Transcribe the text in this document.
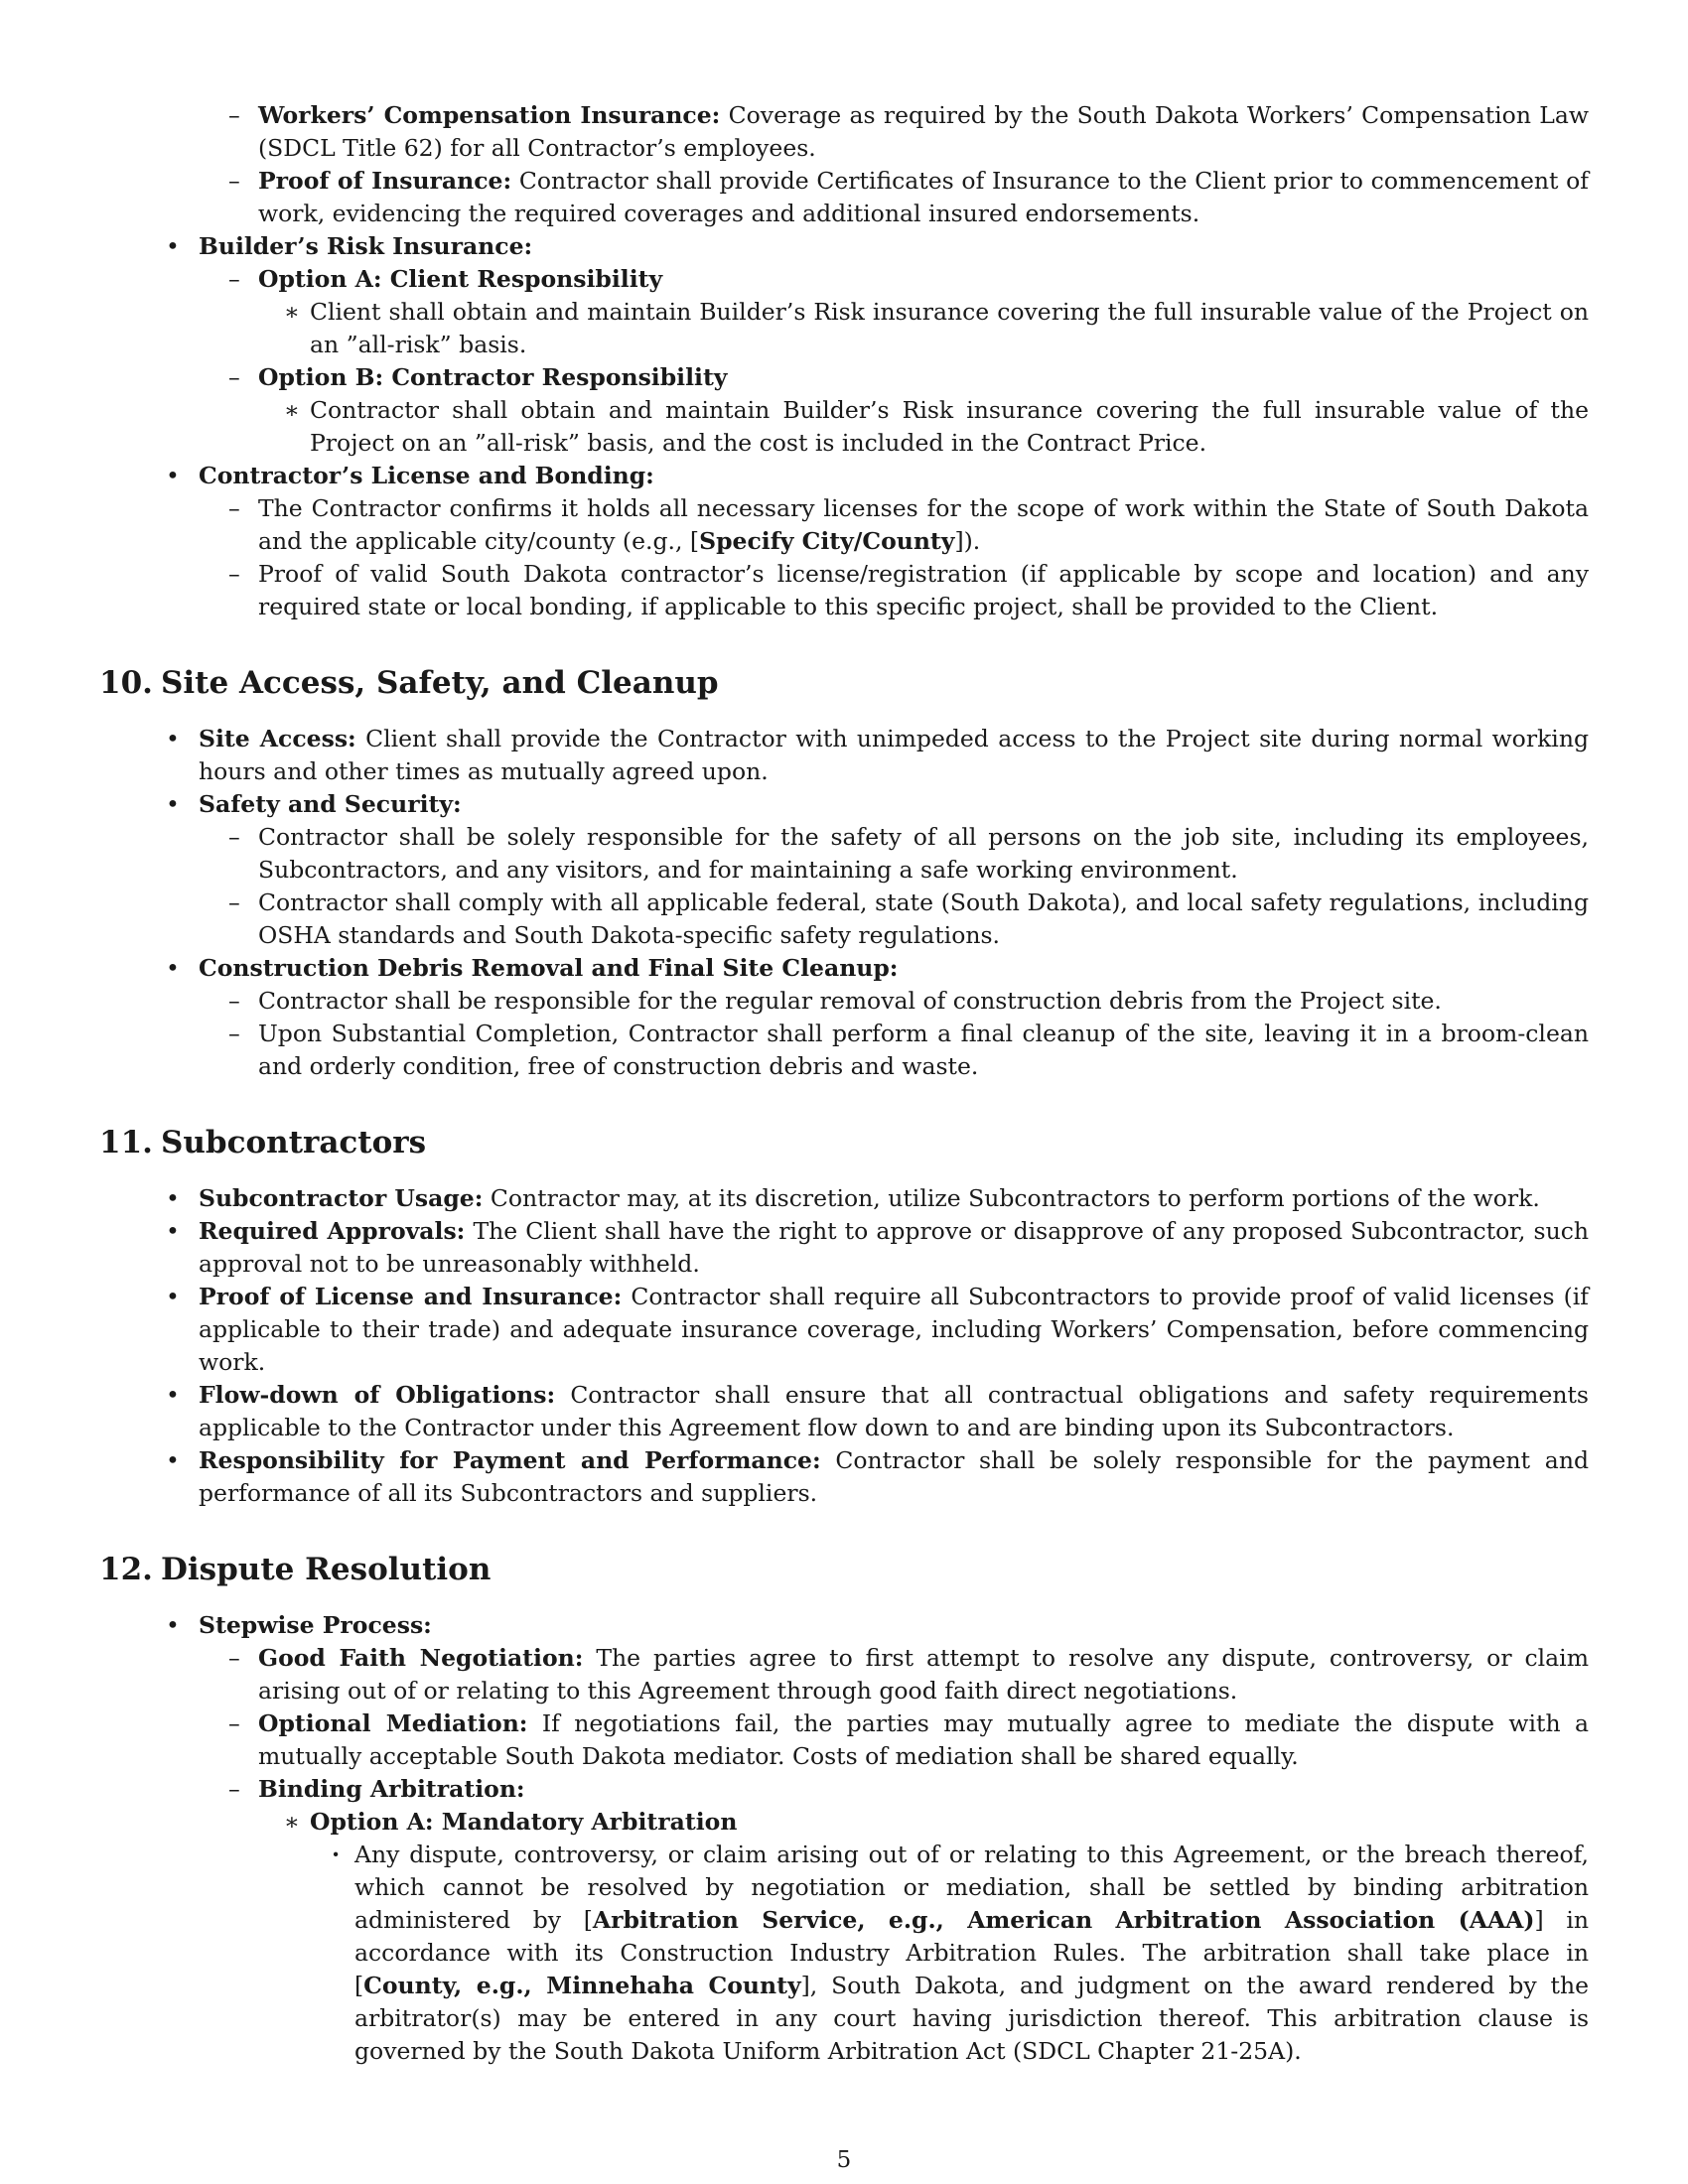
– Workers’ Compensation Insurance: Coverage as required by the South Dakota Workers’ Compensation Law (SDCL Title 62) for all Contractor’s employees.
– Proof of Insurance: Contractor shall provide Certificates of Insurance to the Client prior to commencement of work, evidencing the required coverages and additional insured endorsements.
• Builder’s Risk Insurance:
– Option A: Client Responsibility
∗ Client shall obtain and maintain Builder’s Risk insurance covering the full insurable value of the Project on an ”all-risk” basis.
– Option B: Contractor Responsibility
∗ Contractor shall obtain and maintain Builder’s Risk insurance covering the full insurable value of the Project on an ”all-risk” basis, and the cost is included in the Contract Price.
• Contractor’s License and Bonding:
– The Contractor confirms it holds all necessary licenses for the scope of work within the State of South Dakota and the applicable city/county (e.g., [Specify City/County]).
– Proof of valid South Dakota contractor’s license/registration (if applicable by scope and location) and any required state or local bonding, if applicable to this specific project, shall be provided to the Client.
10. Site Access, Safety, and Cleanup
• Site Access: Client shall provide the Contractor with unimpeded access to the Project site during normal working hours and other times as mutually agreed upon.
• Safety and Security:
– Contractor shall be solely responsible for the safety of all persons on the job site, including its employees, Subcontractors, and any visitors, and for maintaining a safe working environment.
– Contractor shall comply with all applicable federal, state (South Dakota), and local safety regulations, including OSHA standards and South Dakota-specific safety regulations.
• Construction Debris Removal and Final Site Cleanup:
– Contractor shall be responsible for the regular removal of construction debris from the Project site.
– Upon Substantial Completion, Contractor shall perform a final cleanup of the site, leaving it in a broom-clean and orderly condition, free of construction debris and waste.
11. Subcontractors
• Subcontractor Usage: Contractor may, at its discretion, utilize Subcontractors to perform portions of the work.
• Required Approvals: The Client shall have the right to approve or disapprove of any proposed Subcontractor, such approval not to be unreasonably withheld.
• Proof of License and Insurance: Contractor shall require all Subcontractors to provide proof of valid licenses (if applicable to their trade) and adequate insurance coverage, including Workers’ Compensation, before commencing work.
• Flow-down of Obligations: Contractor shall ensure that all contractual obligations and safety requirements applicable to the Contractor under this Agreement flow down to and are binding upon its Subcontractors.
• Responsibility for Payment and Performance: Contractor shall be solely responsible for the payment and performance of all its Subcontractors and suppliers.
12. Dispute Resolution
• Stepwise Process:
– Good Faith Negotiation: The parties agree to first attempt to resolve any dispute, controversy, or claim arising out of or relating to this Agreement through good faith direct negotiations.
– Optional Mediation: If negotiations fail, the parties may mutually agree to mediate the dispute with a mutually acceptable South Dakota mediator. Costs of mediation shall be shared equally.
– Binding Arbitration:
∗ Option A: Mandatory Arbitration
· Any dispute, controversy, or claim arising out of or relating to this Agreement, or the breach thereof, which cannot be resolved by negotiation or mediation, shall be settled by binding arbitration administered by [Arbitration Service, e.g., American Arbitration Association (AAA)] in accordance with its Construction Industry Arbitration Rules. The arbitration shall take place in [County, e.g., Minnehaha County], South Dakota, and judgment on the award rendered by the arbitrator(s) may be entered in any court having jurisdiction thereof. This arbitration clause is governed by the South Dakota Uniform Arbitration Act (SDCL Chapter 21-25A).
5
